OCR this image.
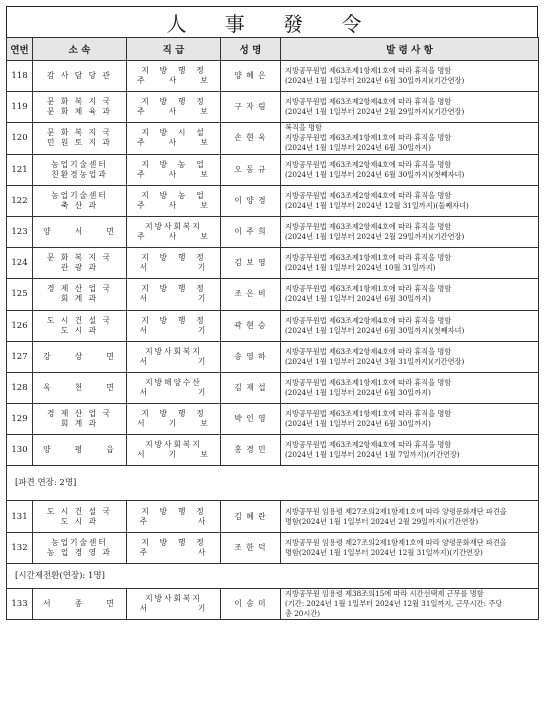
人 事 發 令
연번	소 속	직 급	성 명	발 령 사 항
118	감 사 담 당 관	지  방  행  정
주     사     보	양 혜 은	지방공무원법 제63조제1항제1호에 따라 휴직을 명함
(2024년 1월 1일부터 2024년 6월 30일까지)(기간연장)
119	문 화 복 지 국
문 화 체 육 과	지  방  행  정
주     사     보	구 자 림	지방공무원법 제63조제2항제4호에 따라 휴직을 명함
(2024년 1월 1일부터 2024년 2월 29일까지)(기간연장)
120	문 화 복 지 국
민 원 토 지 과	지  방  시  설
주     사     보	손 현 욱	복직을 명함
지방공무원법 제63조제1항제1호에 따라 휴직을 명함
(2024년 1월 1일부터 2024년 6월 30일까지)
121	농업기술센터
친환경농업과	지  방  농  업
주     사     보	오 동 규	지방공무원법 제63조제2항제4호에 따라 휴직을 명함
(2024년 1월 1일부터 2024년 6월 30일까지)(첫째자녀)
122	농업기술센터
축 산 과	지  방  농  업
주     사     보	이 양 경	지방공무원법 제63조제2항제4호에 따라 휴직을 명함
(2024년 1월 1일부터 2024년 12월 31일까지)(둘째자녀)
123	양     서     면	지방사회복지
주     사     보	이 주 희	지방공무원법 제63조제2항제4호에 따라 휴직을 명함
(2024년 1월 1일부터 2024년 2월 29일까지)(기간연장)
124	문 화 복 지 국
관 광 과	지  방  행  정
서           기	김 보 영	지방공무원법 제63조제1항제1호에 따라 휴직을 명함
(2024년 1월 1일부터 2024년 10월 31일까지)
125	경 제 산 업 국
회 계 과	지  방  행  정
서           기	조 은 비	지방공무원법 제63조제1항제1호에 따라 휴직을 명함
(2024년 1월 1일부터 2024년 6월 30일까지)
126	도 시 건 설 국
도 시 과	지  방  행  정
서           기	곽 현 승	지방공무원법 제63조제2항제4호에 따라 휴직을 명함
(2024년 1월 1일부터 2024년 6월 30일까지)(첫째자녀)
127	강     상     면	지방사회복지
서           기	송 영 하	지방공무원법 제63조제2항제4호에 따라 휴직을 명함
(2024년 1월 1일부터 2024년 3월 31일까지)(기간연장)
128	옥     천     면	지방해양수산
서           기	김 재 섭	지방공무원법 제63조제1항제1호에 따라 휴직을 명함
(2024년 1월 1일부터 2024년 6월 30일까지)
129	경 제 산 업 국
회 계 과	지  방  행  정
서     기     보	박 인 영	지방공무원법 제63조제1항제1호에 따라 휴직을 명함
(2024년 1월 1일부터 2024년 6월 30일까지)
130	양     평     읍	지방사회복지
서     기     보	홍 경 민	지방공무원법 제63조제2항제4호에 따라 휴직을 명함
(2024년 1월 1일부터 2024년 1월 7일까지)(기간연장)
[파견 연장: 2명]				
131	도 시 건 설 국
도 시 과	지  방  행  정
주           사	김 혜 란	지방공무원 임용령 제27조의2제1항제1호에 따라 양평문화재단 파견을
명함(2024년 1월 1일부터 2024년 2월 29일까지)(기간연장)
132	농업기술센터
농 업 경 영 과	지  방  행  정
주           사	조 한 덕	지방공무원 임용령 제27조의2제1항제1호에 따라 양평문화재단 파견을
명함(2024년 1월 1일부터 2024년 12월 31일까지)(기간연장)
[시간제전환(연장): 1명]				
133	서     종     면	지방사회복지
서           기	이 송 미	지방공무원 임용령 제38조의15에 따라 시간선택제 근무를 명함
(기간: 2024년 1월 1일부터 2024년 12월 31일까지, 근무시간: 주당
총 20시간)
